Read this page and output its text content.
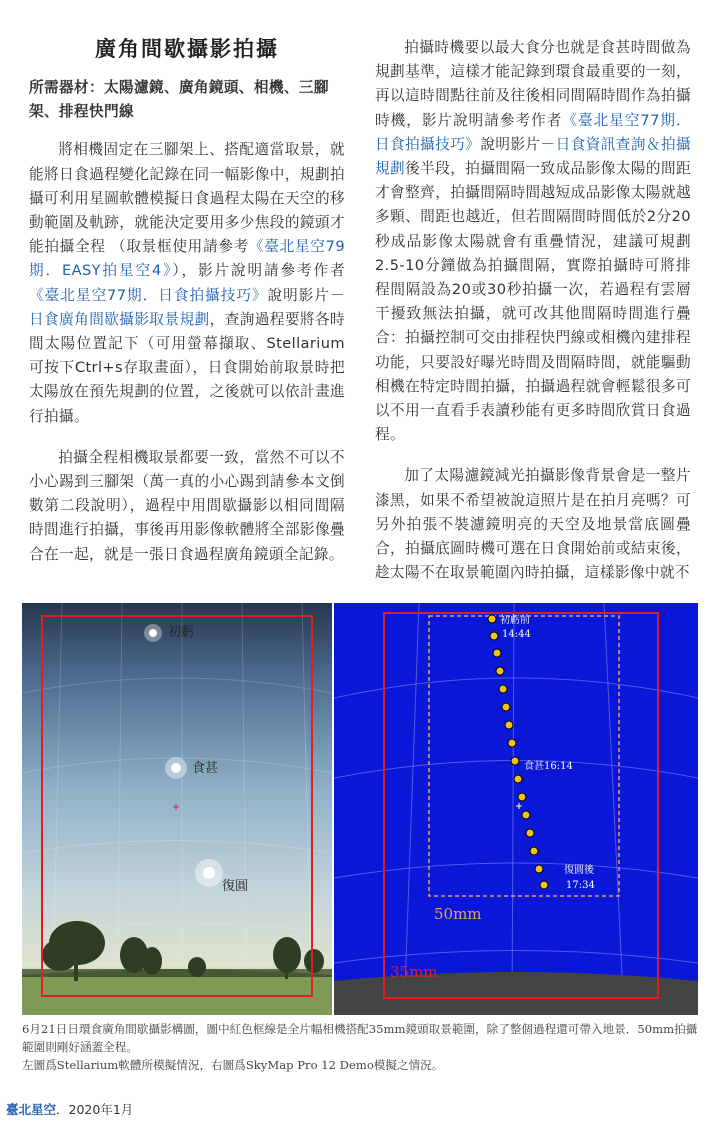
廣角間歇攝影拍攝
所需器材：太陽濾鏡、廣角鏡頭、相機、三腳架、排程快門線

將相機固定在三腳架上、搭配適當取景，就能將日食過程變化記錄在同一幅影像中，規劃拍攝可利用星圖軟體模擬日食過程太陽在天空的移動範圍及軌跡，就能決定要用多少焦段的鏡頭才能拍攝全程 （取景框使用請參考《臺北星空79期．EASY拍星空4》），影片說明請參考作者《臺北星空77期．日食拍攝技巧》說明影片－日食廣角間歇攝影取景規劃，查詢過程要將各時間太陽位置記下（可用螢幕擷取、Stellarium可按下Ctrl+s存取畫面），日食開始前取景時把太陽放在預先規劃的位置，之後就可以依計畫進行拍攝。

拍攝全程相機取景都要一致，當然不可以不小心踢到三腳架（萬一真的小心踢到請參本文倒數第二段說明），過程中用間歇攝影以相同間隔時間進行拍攝，事後再用影像軟體將全部影像疊合在一起，就是一張日食過程廣角鏡頭全記錄。

拍攝時機要以最大食分也就是食甚時間做為規劃基準，這樣才能記錄到環食最重要的一刻，再以這時間點往前及往後相同間隔時間作為拍攝時機，影片說明請參考作者《臺北星空77期．日食拍攝技巧》說明影片－日食資訊查詢＆拍攝規劃後半段，拍攝間隔一致成品影像太陽的間距才會整齊，拍攝間隔時間越短成品影像太陽就越多顆、間距也越近，但若間隔間時間低於2分20秒成品影像太陽就會有重疊情況，建議可規劃2.5-10分鐘做為拍攝間隔，實際拍攝時可將排程間隔設為20或30秒拍攝一次，若過程有雲層干擾致無法拍攝，就可改其他間隔時間進行疊合：拍攝控制可交由排程快門線或相機內建排程功能，只要設好曝光時間及間隔時間，就能驅動相機在特定時間拍攝，拍攝過程就會輕鬆很多可以不用一直看手表讀秒能有更多時間欣賞日食過程。

加了太陽濾鏡減光拍攝影像背景會是一整片漆黑，如果不希望被說這照片是在拍月亮嗎？可另外拍張不裝濾鏡明亮的天空及地景當底圖疊合，拍攝底圖時機可選在日食開始前或結束後，趁太陽不在取景範圍內時拍攝，這樣影像中就不

初虧
食甚
復圓
初虧前
14:44
食甚16:14
復圓後
17:34
50mm
35mm
6月21日日環食廣角間歇攝影構圖，圖中紅色框線是全片幅相機搭配35mm鏡頭取景範圍，除了整個過程還可帶入地景．50mm拍攝範圍則剛好涵蓋全程。
左圖爲Stellarium軟體所模擬情況，右圖爲SkyMap Pro 12 Demo模擬之情況。
臺北星空．2020年1月
